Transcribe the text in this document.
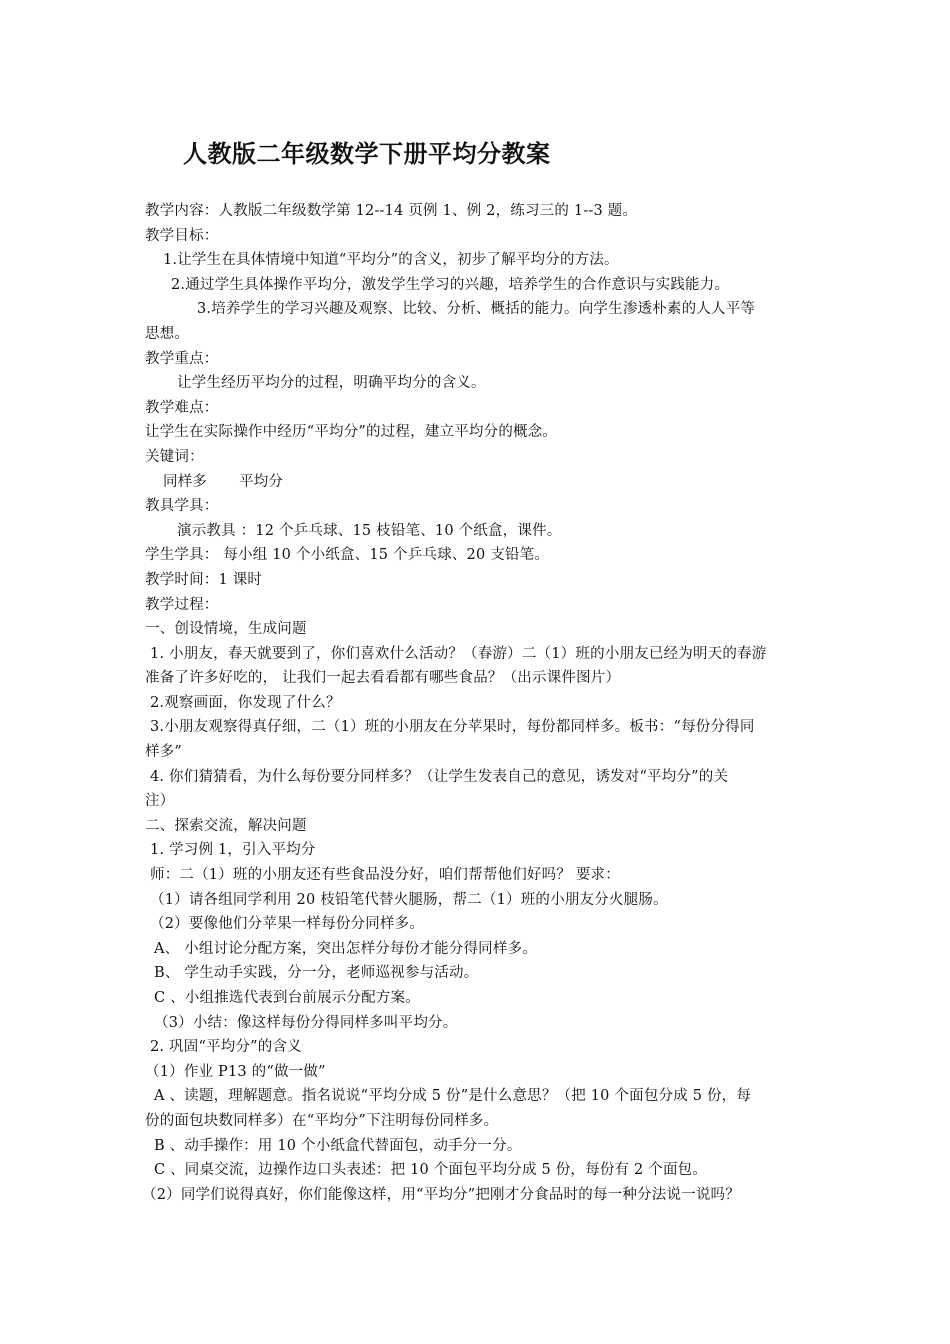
人教版二年级数学下册平均分教案
教学内容：人教版二年级数学第 12--14 页例 1、例 2，练习三的 1--3 题。
教学目标：
1.让学生在具体情境中知道“平均分”的含义，初步了解平均分的方法。
2.通过学生具体操作平均分，激发学生学习的兴趣，培养学生的合作意识与实践能力。
3.培养学生的学习兴趣及观察、比较、分析、概括的能力。向学生渗透朴素的人人平等
思想。
教学重点：
让学生经历平均分的过程，明确平均分的含义。
教学难点：
让学生在实际操作中经历“平均分”的过程，建立平均分的概念。
关键词：
同样多 平均分
教具学具：
演示教具 ：12 个乒乓球、15 枝铅笔、10 个纸盒，课件。
学生学具： 每小组 10 个小纸盒、15 个乒乓球、20 支铅笔。
教学时间：1 课时
教学过程：
一、创设情境，生成问题
1. 小朋友，春天就要到了，你们喜欢什么活动？（春游）二（1）班的小朋友已经为明天的春游
准备了许多好吃的， 让我们一起去看看都有哪些食品？（出示课件图片）
2.观察画面，你发现了什么？
3.小朋友观察得真仔细，二（1）班的小朋友在分苹果时，每份都同样多。板书：“每份分得同
样多”
4. 你们猜猜看，为什么每份要分同样多？（让学生发表自己的意见，诱发对“平均分”的关
注）
二、探索交流，解决问题
1. 学习例 1，引入平均分
师：二（1）班的小朋友还有些食品没分好，咱们帮帮他们好吗？ 要求：
（1）请各组同学利用 20 枝铅笔代替火腿肠，帮二（1）班的小朋友分火腿肠。
（2）要像他们分苹果一样每份分同样多。
A、 小组讨论分配方案，突出怎样分每份才能分得同样多。
B、 学生动手实践，分一分，老师巡视参与活动。
C 、小组推选代表到台前展示分配方案。
（3）小结：像这样每份分得同样多叫平均分。
2. 巩固“平均分”的含义
（1）作业 P13 的“做一做”
A 、读题，理解题意。指名说说“平均分成 5 份”是什么意思？（把 10 个面包分成 5 份，每
份的面包块数同样多）在“平均分”下注明每份同样多。
B 、动手操作：用 10 个小纸盒代替面包，动手分一分。
C 、同桌交流，边操作边口头表述：把 10 个面包平均分成 5 份，每份有 2 个面包。
（2）同学们说得真好，你们能像这样，用“平均分”把刚才分食品时的每一种分法说一说吗？
